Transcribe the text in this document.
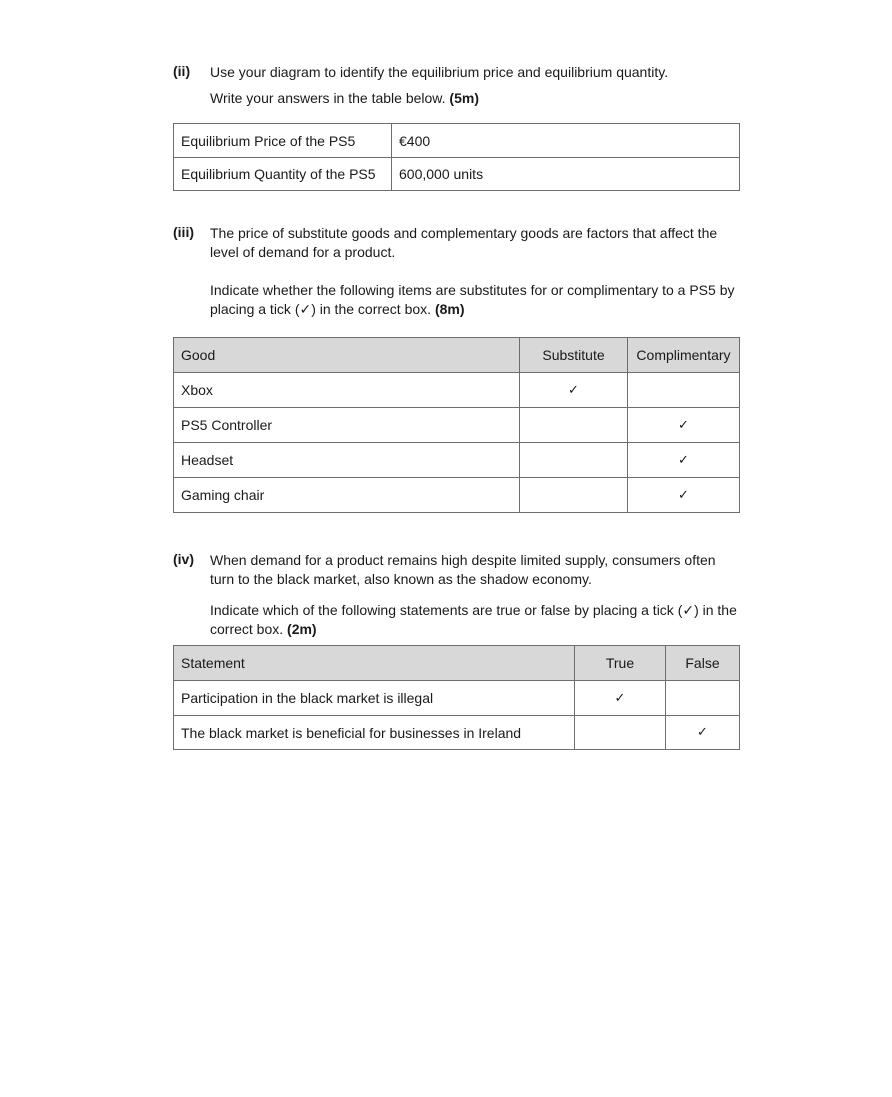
(ii) Use your diagram to identify the equilibrium price and equilibrium quantity.

Write your answers in the table below. (5m)

Equilibrium Price of the PS5	€400
Equilibrium Quantity of the PS5	600,000 units
(iii) The price of substitute goods and complementary goods are factors that affect the

level of demand for a product.

Indicate whether the following items are substitutes for or complimentary to a PS5 by

placing a tick (✓) in the correct box. (8m)

Good	Substitute	Complimentary
Xbox	✓	
PS5 Controller		✓
Headset		✓
Gaming chair		✓
(iv) When demand for a product remains high despite limited supply, consumers often

turn to the black market, also known as the shadow economy.

Indicate which of the following statements are true or false by placing a tick (✓) in the

correct box. (2m)

Statement	True	False
Participation in the black market is illegal	✓	
The black market is beneficial for businesses in Ireland		✓
